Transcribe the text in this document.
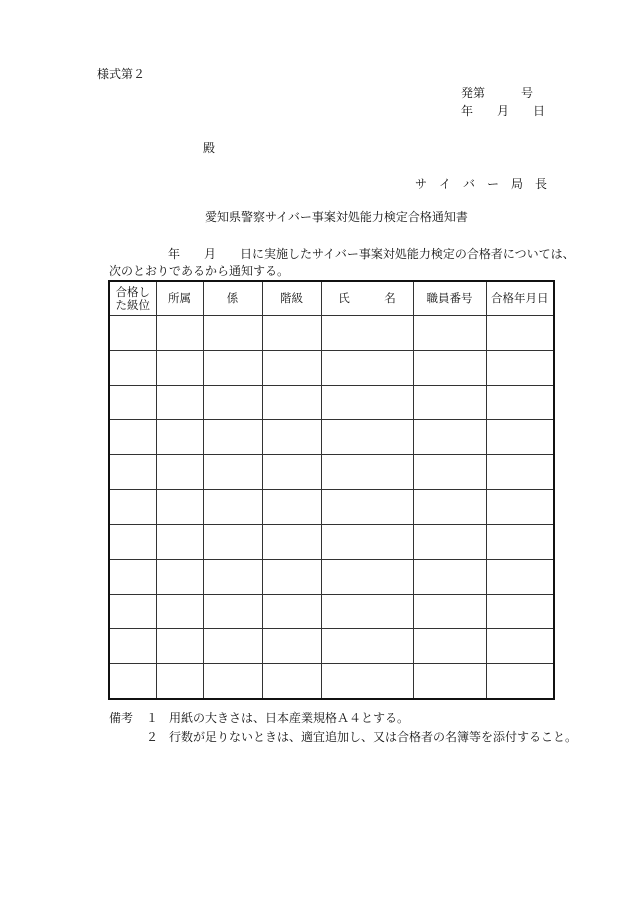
様式第２
発第　　　号
年　　月　　日
殿
サ　イ　バ　ー　局　長
愛知県警察サイバー事案対処能力検定合格通知書
年　　月　　日に実施したサイバー事案対処能力検定の合格者については、
次のとおりであるから通知する。
合格し
た級位	所属	係	階級	氏　　　名	職員番号	合格年月日

備考 １ 用紙の大きさは、日本産業規格Ａ４とする。
２ 行数が足りないときは、適宜追加し、又は合格者の名簿等を添付すること。
